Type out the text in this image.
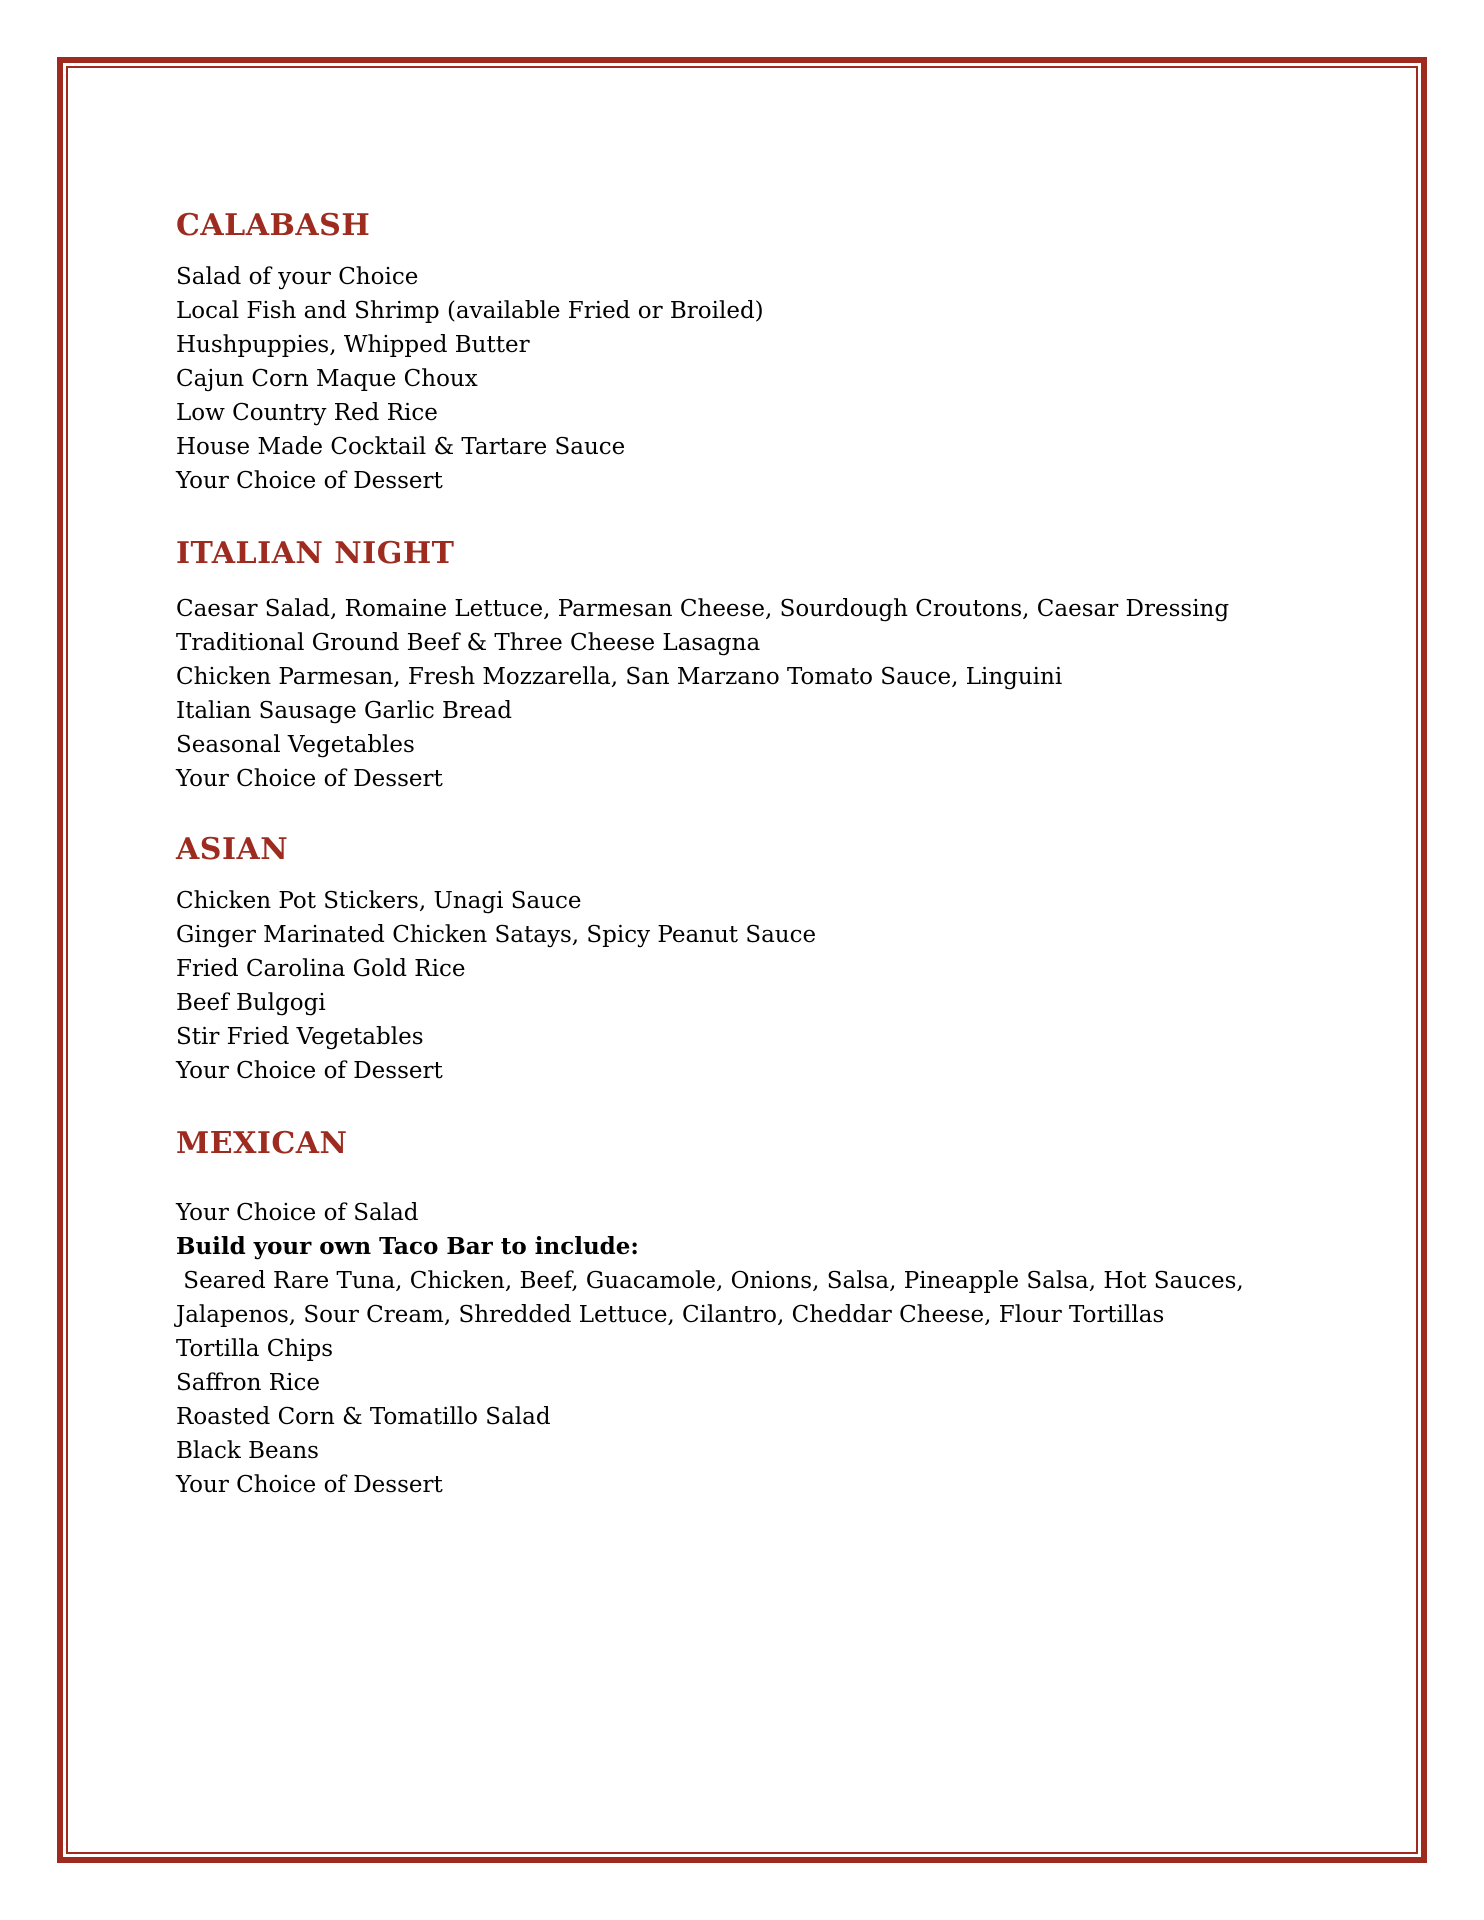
CALABASH
Salad of your Choice
Local Fish and Shrimp (available Fried or Broiled)
Hushpuppies, Whipped Butter
Cajun Corn Maque Choux
Low Country Red Rice
House Made Cocktail & Tartare Sauce
Your Choice of Dessert
ITALIAN NIGHT
Caesar Salad, Romaine Lettuce, Parmesan Cheese, Sourdough Croutons, Caesar Dressing
Traditional Ground Beef & Three Cheese Lasagna
Chicken Parmesan, Fresh Mozzarella, San Marzano Tomato Sauce, Linguini
Italian Sausage Garlic Bread
Seasonal Vegetables
Your Choice of Dessert
ASIAN
Chicken Pot Stickers, Unagi Sauce
Ginger Marinated Chicken Satays, Spicy Peanut Sauce
Fried Carolina Gold Rice
Beef Bulgogi
Stir Fried Vegetables
Your Choice of Dessert
MEXICAN
Your Choice of Salad
Build your own Taco Bar to include:
Seared Rare Tuna, Chicken, Beef, Guacamole, Onions, Salsa, Pineapple Salsa, Hot Sauces,
Jalapenos, Sour Cream, Shredded Lettuce, Cilantro, Cheddar Cheese, Flour Tortillas
Tortilla Chips
Saffron Rice
Roasted Corn & Tomatillo Salad
Black Beans
Your Choice of Dessert
